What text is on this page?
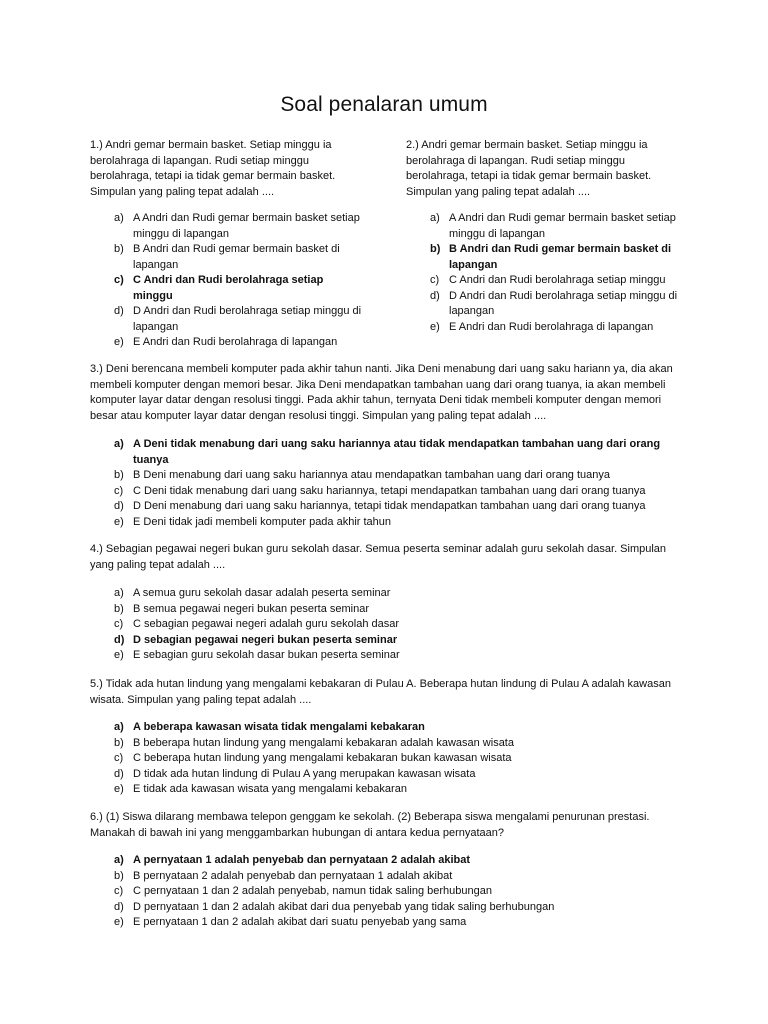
Soal penalaran umum

1.) Andri gemar bermain basket. Setiap minggu ia berolahraga di lapangan. Rudi setiap minggu berolahraga, tetapi ia tidak gemar bermain basket. Simpulan yang paling tepat adalah ....

a) A Andri dan Rudi gemar bermain basket setiap minggu di lapangan
b) B Andri dan Rudi gemar bermain basket di lapangan
c) C Andri dan Rudi berolahraga setiap minggu
d) D Andri dan Rudi berolahraga setiap minggu di lapangan
e) E Andri dan Rudi berolahraga di lapangan

2.) Andri gemar bermain basket. Setiap minggu ia berolahraga di lapangan. Rudi setiap minggu berolahraga, tetapi ia tidak gemar bermain basket. Simpulan yang paling tepat adalah ....

a) A Andri dan Rudi gemar bermain basket setiap minggu di lapangan
b) B Andri dan Rudi gemar bermain basket di lapangan
c) C Andri dan Rudi berolahraga setiap minggu
d) D Andri dan Rudi berolahraga setiap minggu di lapangan
e) E Andri dan Rudi berolahraga di lapangan

3.) Deni berencana membeli komputer pada akhir tahun nanti. Jika Deni menabung dari uang saku hariann ya, dia akan membeli komputer dengan memori besar. Jika Deni mendapatkan tambahan uang dari orang tuanya, ia akan membeli komputer layar datar dengan resolusi tinggi. Pada akhir tahun, ternyata Deni tidak membeli komputer dengan memori besar atau komputer layar datar dengan resolusi tinggi. Simpulan yang paling tepat adalah ....

a) A Deni tidak menabung dari uang saku hariannya atau tidak mendapatkan tambahan uang dari orang tuanya
b) B Deni menabung dari uang saku hariannya atau mendapatkan tambahan uang dari orang tuanya
c) C Deni tidak menabung dari uang saku hariannya, tetapi mendapatkan tambahan uang dari orang tuanya
d) D Deni menabung dari uang saku hariannya, tetapi tidak mendapatkan tambahan uang dari orang tuanya
e) E Deni tidak jadi membeli komputer pada akhir tahun

4.) Sebagian pegawai negeri bukan guru sekolah dasar. Semua peserta seminar adalah guru sekolah dasar. Simpulan yang paling tepat adalah ....

a) A semua guru sekolah dasar adalah peserta seminar
b) B semua pegawai negeri bukan peserta seminar
c) C sebagian pegawai negeri adalah guru sekolah dasar
d) D sebagian pegawai negeri bukan peserta seminar
e) E sebagian guru sekolah dasar bukan peserta seminar

5.) Tidak ada hutan lindung yang mengalami kebakaran di Pulau A. Beberapa hutan lindung di Pulau A adalah kawasan wisata. Simpulan yang paling tepat adalah ....

a) A beberapa kawasan wisata tidak mengalami kebakaran
b) B beberapa hutan lindung yang mengalami kebakaran adalah kawasan wisata
c) C beberapa hutan lindung yang mengalami kebakaran bukan kawasan wisata
d) D tidak ada hutan lindung di Pulau A yang merupakan kawasan wisata
e) E tidak ada kawasan wisata yang mengalami kebakaran

6.) (1) Siswa dilarang membawa telepon genggam ke sekolah. (2) Beberapa siswa mengalami penurunan prestasi. Manakah di bawah ini yang menggambarkan hubungan di antara kedua pernyataan?

a) A pernyataan 1 adalah penyebab dan pernyataan 2 adalah akibat
b) B pernyataan 2 adalah penyebab dan pernyataan 1 adalah akibat
c) C pernyataan 1 dan 2 adalah penyebab, namun tidak saling berhubungan
d) D pernyataan 1 dan 2 adalah akibat dari dua penyebab yang tidak saling berhubungan
e) E pernyataan 1 dan 2 adalah akibat dari suatu penyebab yang sama
